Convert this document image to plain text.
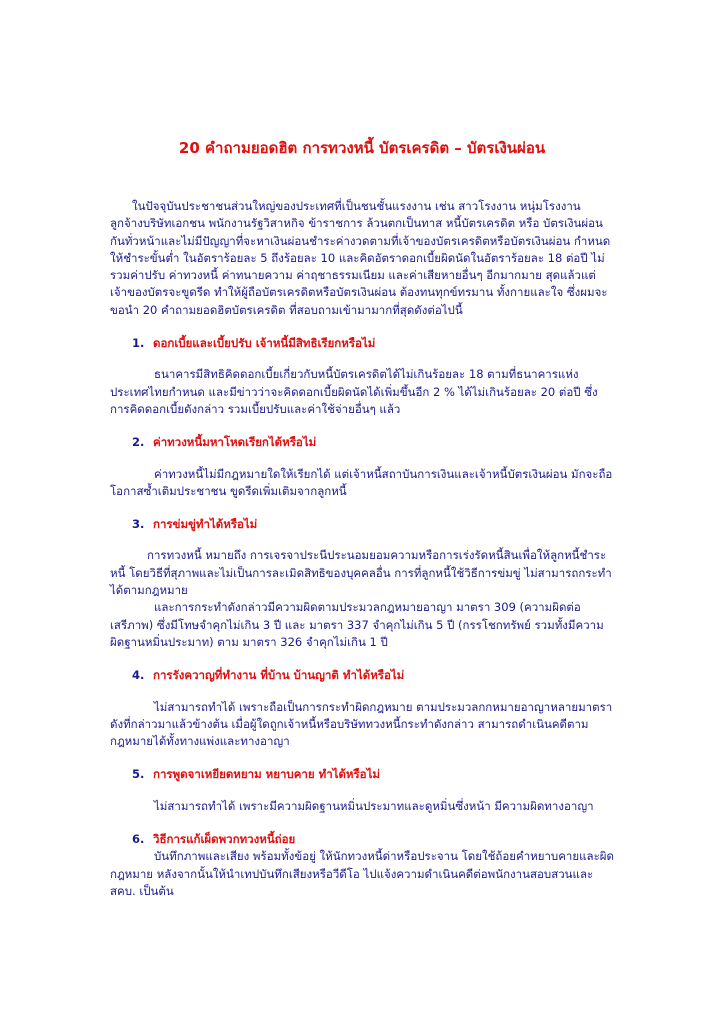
20 คำถามยอดฮิต การทวงหนี้ บัตรเครดิต – บัตรเงินผ่อน

ในปัจจุบันประชาชนส่วนใหญ่ของประเทศที่เป็นชนชั้นแรงงาน เช่น สาวโรงงาน หนุ่มโรงงาน ลูกจ้างบริษัทเอกชน พนักงานรัฐวิสาหกิจ ข้าราชการ ล้วนตกเป็นทาส หนี้บัตรเครดิต หรือ บัตรเงินผ่อน กันทั่วหน้าและไม่มีปัญญาที่จะหาเงินผ่อนชำระค่างวดตามที่เจ้าของบัตรเครดิตหรือบัตรเงินผ่อน กำหนดให้ชำระขั้นต่ำ ในอัตราร้อยละ 5 ถึงร้อยละ 10 และคิดอัตราดอกเบี้ยผิดนัดในอัตราร้อยละ 18 ต่อปี ไม่รวมค่าปรับ ค่าทวงหนี้ ค่าทนายความ ค่าฤชาธรรมเนียม และค่าเสียหายอื่นๆ อีกมากมาย สุดแล้วแต่เจ้าของบัตรจะขูดรีด ทำให้ผู้ถือบัตรเครดิตหรือบัตรเงินผ่อน ต้องทนทุกข์ทรมาน ทั้งกายและใจ ซึ่งผมจะขอนำ 20 คำถามยอดฮิตบัตรเครดิต ที่สอบถามเข้ามามากที่สุดดังต่อไปนี้

1. ดอกเบี้ยและเบี้ยปรับ เจ้าหนี้มีสิทธิเรียกหรือไม่

ธนาคารมีสิทธิคิดดอกเบี้ยเกี่ยวกับหนี้บัตรเครดิตได้ไม่เกินร้อยละ 18 ตามที่ธนาคารแห่งประเทศไทยกำหนด และมีข่าวว่าจะคิดดอกเบี้ยผิดนัดได้เพิ่มขึ้นอีก 2 % ได้ไม่เกินร้อยละ 20 ต่อปี ซึ่งการคิดดอกเบี้ยดังกล่าว รวมเบี้ยปรับและค่าใช้จ่ายอื่นๆ แล้ว

2. ค่าทวงหนี้มหาโหดเรียกได้หรือไม่

ค่าทวงหนี้ไม่มีกฎหมายใดให้เรียกได้ แต่เจ้าหนี้สถาบันการเงินและเจ้าหนี้บัตรเงินผ่อน มักจะถือโอกาสซ้ำเติมประชาชน ขูดรีดเพิ่มเติมจากลูกหนี้

3. การข่มขู่ทำได้หรือไม่

การทวงหนี้ หมายถึง การเจรจาประนีประนอมยอมความหรือการเร่งรัดหนี้สินเพื่อให้ลูกหนี้ชำระหนี้ โดยวิธีที่สุภาพและไม่เป็นการละเมิดสิทธิของบุคคลอื่น การที่ลูกหนี้ใช้วิธีการข่มขู่ ไม่สามารถกระทำได้ตามกฎหมาย

และการกระทำดังกล่าวมีความผิดตามประมวลกฎหมายอาญา มาตรา 309 (ความผิดต่อเสรีภาพ) ซึ่งมีโทษจำคุกไม่เกิน 3 ปี และ มาตรา 337 จำคุกไม่เกิน 5 ปี (กรรโชกทรัพย์ รวมทั้งมีความผิดฐานหมิ่นประมาท) ตาม มาตรา 326 จำคุกไม่เกิน 1 ปี

4. การรังควาญที่ทำงาน ที่บ้าน บ้านญาติ ทำได้หรือไม่

ไม่สามารถทำได้ เพราะถือเป็นการกระทำผิดกฎหมาย ตามประมวลกกหมายอาญาหลายมาตรา ดังที่กล่าวมาแล้วข้างต้น เมื่อผู้ใดถูกเจ้าหนี้หรือบริษัททวงหนี้กระทำดังกล่าว สามารถดำเนินคดีตามกฎหมายได้ทั้งทางแพ่งและทางอาญา

5. การพูดจาเหยียดหยาม หยาบคาย ทำได้หรือไม่

ไม่สามารถทำได้ เพราะมีความผิดฐานหมิ่นประมาทและดูหมิ่นซึ่งหน้า มีความผิดทางอาญา

6. วิธีการแก้เผ็ดพวกทวงหนี้ถ่อย

บันทึกภาพและเสียง พร้อมทั้งข้อยู่ ให้นักทวงหนี้ด่าหรือประจาน โดยใช้ถ้อยคำหยาบคายและผิดกฎหมาย หลังจากนั้นให้นำเทปบันทึกเสียงหรือวีดีโอ ไปแจ้งความดำเนินคดีต่อพนักงานสอบสวนและ สคบ. เป็นต้น
